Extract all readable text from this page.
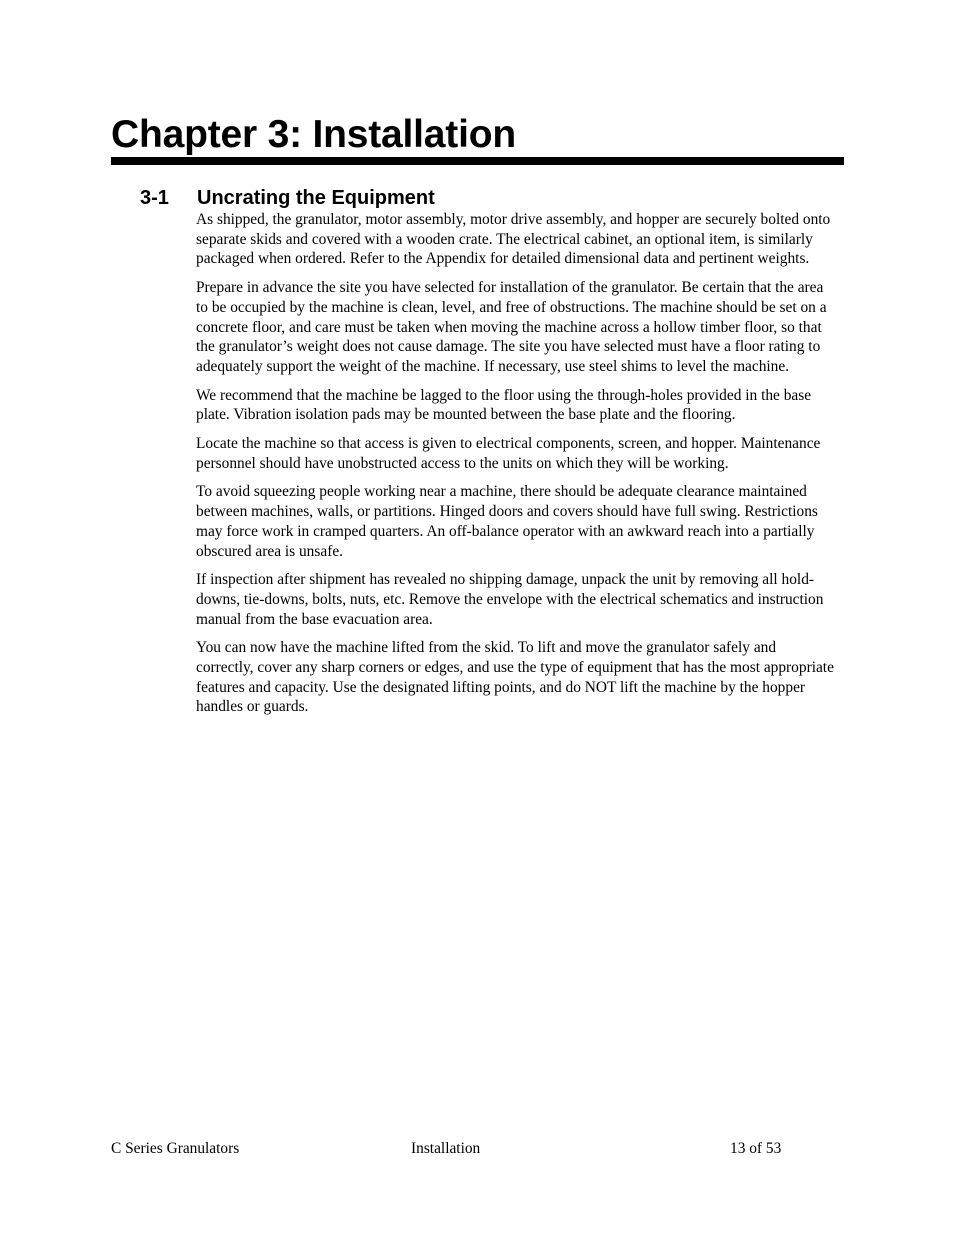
Chapter 3: Installation
3-1 Uncrating the Equipment

As shipped, the granulator, motor assembly, motor drive assembly, and hopper are securely bolted onto separate skids and covered with a wooden crate. The electrical cabinet, an optional item, is similarly packaged when ordered. Refer to the Appendix for detailed dimensional data and pertinent weights.

Prepare in advance the site you have selected for installation of the granulator. Be certain that the area to be occupied by the machine is clean, level, and free of obstructions. The machine should be set on a concrete floor, and care must be taken when moving the machine across a hollow timber floor, so that the granulator’s weight does not cause damage. The site you have selected must have a floor rating to adequately support the weight of the machine. If necessary, use steel shims to level the machine.

We recommend that the machine be lagged to the floor using the through-holes provided in the base plate. Vibration isolation pads may be mounted between the base plate and the flooring.

Locate the machine so that access is given to electrical components, screen, and hopper. Maintenance personnel should have unobstructed access to the units on which they will be working.

To avoid squeezing people working near a machine, there should be adequate clearance maintained between machines, walls, or partitions. Hinged doors and covers should have full swing. Restrictions may force work in cramped quarters. An off-balance operator with an awkward reach into a partially obscured area is unsafe.

If inspection after shipment has revealed no shipping damage, unpack the unit by removing all hold-downs, tie-downs, bolts, nuts, etc. Remove the envelope with the electrical schematics and instruction manual from the base evacuation area.

You can now have the machine lifted from the skid. To lift and move the granulator safely and correctly, cover any sharp corners or edges, and use the type of equipment that has the most appropriate features and capacity. Use the designated lifting points, and do NOT lift the machine by the hopper handles or guards.

C Series Granulators	Installation	13 of 53
